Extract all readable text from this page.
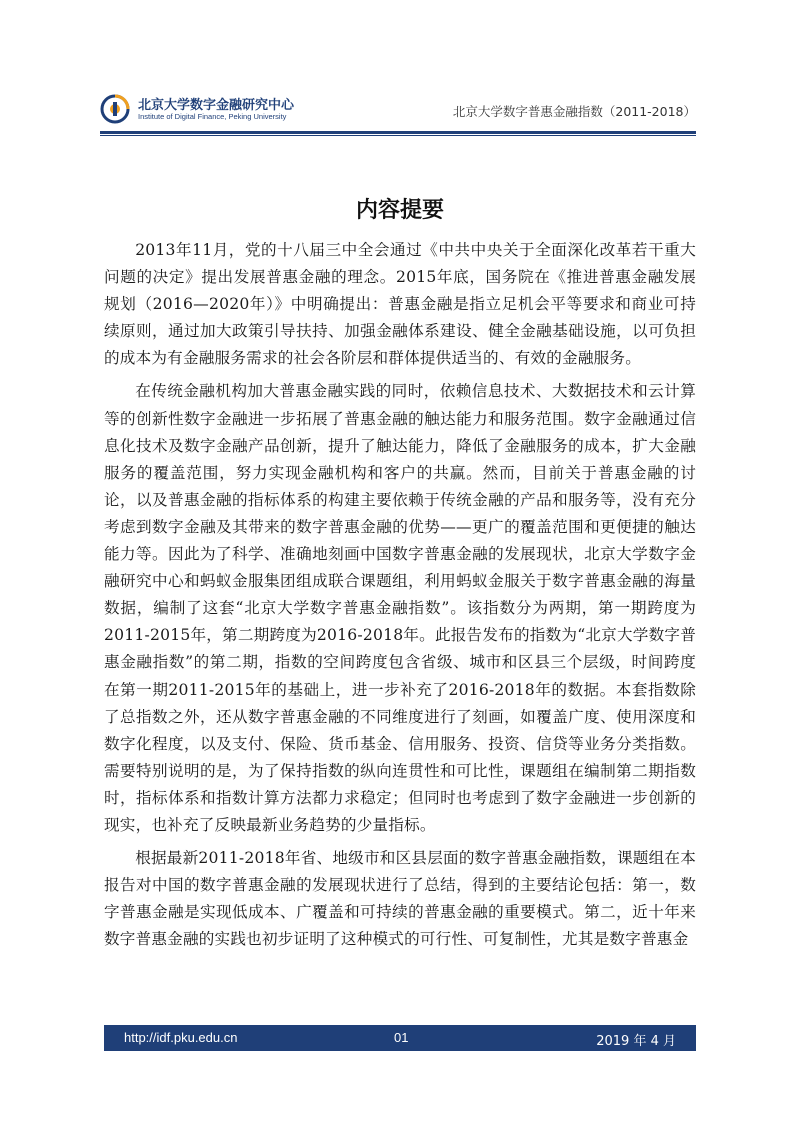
北京大学数字金融研究中心
Institute of Digital Finance, Peking University	北京大学数字普惠金融指数（2011-2018）
内容提要

2013年11月，党的十八届三中全会通过《中共中央关于全面深化改革若干重大问题的决定》提出发展普惠金融的理念。2015年底，国务院在《推进普惠金融发展规划（2016—2020年）》中明确提出：普惠金融是指立足机会平等要求和商业可持续原则，通过加大政策引导扶持、加强金融体系建设、健全金融基础设施，以可负担的成本为有金融服务需求的社会各阶层和群体提供适当的、有效的金融服务。

在传统金融机构加大普惠金融实践的同时，依赖信息技术、大数据技术和云计算等的创新性数字金融进一步拓展了普惠金融的触达能力和服务范围。数字金融通过信息化技术及数字金融产品创新，提升了触达能力，降低了金融服务的成本，扩大金融服务的覆盖范围，努力实现金融机构和客户的共赢。然而，目前关于普惠金融的讨论，以及普惠金融的指标体系的构建主要依赖于传统金融的产品和服务等，没有充分考虑到数字金融及其带来的数字普惠金融的优势——更广的覆盖范围和更便捷的触达能力等。因此为了科学、准确地刻画中国数字普惠金融的发展现状，北京大学数字金融研究中心和蚂蚁金服集团组成联合课题组，利用蚂蚁金服关于数字普惠金融的海量数据，编制了这套“北京大学数字普惠金融指数”。该指数分为两期，第一期跨度为2011-2015年，第二期跨度为2016-2018年。此报告发布的指数为“北京大学数字普惠金融指数”的第二期，指数的空间跨度包含省级、城市和区县三个层级，时间跨度在第一期2011-2015年的基础上，进一步补充了2016-2018年的数据。本套指数除了总指数之外，还从数字普惠金融的不同维度进行了刻画，如覆盖广度、使用深度和数字化程度，以及支付、保险、货币基金、信用服务、投资、信贷等业务分类指数。需要特别说明的是，为了保持指数的纵向连贯性和可比性，课题组在编制第二期指数时，指标体系和指数计算方法都力求稳定；但同时也考虑到了数字金融进一步创新的现实，也补充了反映最新业务趋势的少量指标。

根据最新2011-2018年省、地级市和区县层面的数字普惠金融指数，课题组在本报告对中国的数字普惠金融的发展现状进行了总结，得到的主要结论包括：第一，数字普惠金融是实现低成本、广覆盖和可持续的普惠金融的重要模式。第二，近十年来数字普惠金融的实践也初步证明了这种模式的可行性、可复制性，尤其是数字普惠金

http://idf.pku.edu.cn	01	2019 年 4 月
